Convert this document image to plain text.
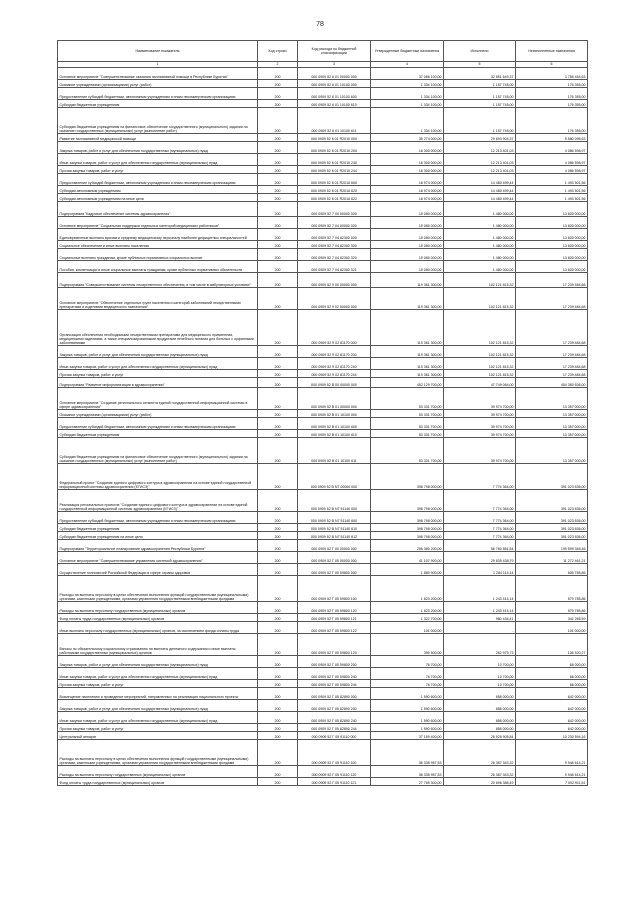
78
Наименование показателя	Код строки	Код расхода по бюджетной классификации	Утвержденные бюджетные назначения	Исполнено	Неисполненные назначения
1	2	3	4	5	6
Основное мероприятие "Совершенствование оказания паллиативной помощи в Республике Бурятия"	200	000 0909 52 6 01 00000 000	37 086 100,00	32 851 649,37	3 758 454,63
Оказание учреждениями (организациями) услуг (работ)	200	000 0909 52 6 01 10100 000	1 334 100,00	1 157 745,00	176 355,00
Предоставление субсидий бюджетным, автономным учреждениям и иным некоммерческим организациям	200	000 0909 52 6 01 10100 600	1 334 100,00	1 157 745,00	176 355,00
Субсидии бюджетным учреждениям	200	000 0909 52 6 01 10100 610	1 334 100,00	1 157 745,00	176 355,00
Субсидии бюджетным учреждениям на финансовое обеспечение государственного (муниципального) задания на оказание государственных (муниципальных) услуг (выполнение работ)	200	000 0909 52 6 01 10100 611	1 334 100,00	1 157 745,00	176 355,00
Развитие паллиативной медицинской помощи	200	000 0909 52 6 01 R2010 000	35 274 000,00	29 693 904,37	5 580 095,63
Закупка товаров, работ и услуг для обеспечения государственных (муниципальных) нужд	200	000 0909 52 6 01 R2010 200	16 300 000,00	12 213 401,03	4 086 598,97
Иные закупки товаров, работ и услуг для обеспечения государственных (муниципальных) нужд	200	000 0909 52 6 01 R2010 240	16 300 000,00	12 213 401,03	4 086 598,97
Прочая закупка товаров, работ и услуг	200	000 0909 52 6 01 R2010 244	16 300 000,00	12 213 401,03	4 086 598,97
Предоставление субсидий бюджетным, автономным учреждениям и иным некоммерческим организациям	200	000 0909 52 6 01 R2010 600	18 974 000,00	14 480 499,44	1 493 501,56
Субсидии автономным учреждениям	200	000 0909 52 6 01 R2010 620	18 974 000,00	14 480 499,44	1 493 501,56
Субсидии автономным учреждениям на иные цели	200	000 0909 52 6 01 R2010 622	18 974 000,00	14 480 499,44	1 493 501,56
Подпрограмма "Кадровое обеспечение системы здравоохранения"	200	000 0909 52 7 00 00000 000	15 080 000,00	1 480 000,00	13 600 000,00
Основное мероприятие "Социальная поддержка отдельных категорий медицинских работников"	200	000 0909 52 7 04 00000 000	15 080 000,00	1 480 000,00	13 600 000,00
Единовременные выплаты врачам и среднему медицинскому персоналу наиболее дефицитных специальностей	200	000 0909 52 7 04 82300 000	15 080 000,00	1 480 000,00	13 600 000,00
Социальное обеспечение и иные выплаты населению	200	000 0909 52 7 04 82300 300	15 080 000,00	1 480 000,00	13 600 000,00
Социальные выплаты гражданам, кроме публичных нормативных социальных выплат	200	000 0909 52 7 04 82300 320	15 080 000,00	1 480 000,00	13 600 000,00
Пособия, компенсации и иные социальные выплаты гражданам, кроме публичных нормативных обязательств	200	000 0909 52 7 04 82300 321	15 080 000,00	1 480 000,00	13 600 000,00
Подпрограмма "Совершенствование системы лекарственного обеспечения, в том числе в амбулаторных условиях"	200	000 0909 52 9 00 00000 000	119 361 300,00	102 121 815,32	17 239 484,68
Основное мероприятие "Обеспечение отдельных групп населения и категорий заболеваний лекарственными препаратами и изделиями медицинского назначения"	200	000 0909 52 9 02 00000 000	119 361 300,00	102 121 815,32	17 239 484,68
Организация обеспечения необходимыми лекарственными препаратами для медицинского применения, медицинскими изделиями, а также специализированными продуктами лечебного питания для больных с орфанными заболеваниями	200	000 0909 52 9 02 81170 000	119 361 300,00	102 121 815,32	17 239 484,68
Закупка товаров, работ и услуг для обеспечения государственных (муниципальных) нужд	200	000 0909 52 9 02 81170 200	119 361 300,00	102 121 815,32	17 239 484,68
Иные закупки товаров, работ и услуг для обеспечения государственных (муниципальных) нужд	200	000 0909 52 9 02 81170 240	119 361 300,00	102 121 815,32	17 239 484,68
Прочая закупка товаров, работ и услуг	200	000 0909 52 9 02 81170 244	119 361 300,00	102 121 815,32	17 239 484,68
Подпрограмма "Развитие информатизации в здравоохранении"	200	000 0909 52 В 00 00000 000	452 129 700,00	47 749 064,00	404 380 636,00
Основное мероприятие "Создание регионального сегмента единой государственной информационной системы в сфере здравоохранения"	200	000 0909 52 В 01 00000 000	53 331 700,00	39 974 700,00	13 357 000,00
Оказание учреждениями (организациями) услуг (работ)	200	000 0909 52 В 01 10100 000	53 331 700,00	39 974 700,00	13 357 000,00
Предоставление субсидий бюджетным, автономным учреждениям и иным некоммерческим организациям	200	000 0909 52 В 01 10100 600	53 331 700,00	39 974 700,00	13 357 000,00
Субсидии бюджетным учреждениям	200	000 0909 52 В 01 10100 610	53 331 700,00	39 974 700,00	13 357 000,00
Субсидии бюджетным учреждениям на финансовое обеспечение государственного (муниципального) задания на оказание государственных (муниципальных) услуг (выполнение работ)	200	000 0909 52 В 01 10100 611	53 331 700,00	39 974 700,00	13 357 000,00
Федеральный проект "Создание единого цифрового контура в здравоохранении на основе единой государственной информационной системы здравоохранения (ЕГИСЗ)"	200	000 0909 52 В N7 00000 000	398 798 000,00	7 774 364,00	391 023 636,00
Реализация региональных проектов "Создание единого цифрового контура в здравоохранении на основе единой государственной информационной системы здравоохранения (ЕГИСЗ)"	200	000 0909 52 В N7 51140 000	398 798 000,00	7 774 364,00	391 023 636,00
Предоставление субсидий бюджетным, автономным учреждениям и иным некоммерческим организациям	200	000 0909 52 В N7 51140 600	398 798 000,00	7 774 364,00	391 023 636,00
Субсидии бюджетным учреждениям	200	000 0909 52 В N7 51140 610	398 798 000,00	7 774 364,00	391 023 636,00
Субсидии бюджетным учреждениям на иные цели	200	000 0909 52 В N7 51140 612	398 798 000,00	7 774 364,00	391 023 636,00
Подпрограмма "Территориальное планирование здравоохранения Республики Бурятия"	200	000 0909 52 Г 00 00000 000	256 380 200,00	56 780 851,54	199 599 348,46
Основное мероприятие "Совершенствование управления системой здравоохранения"	200	000 0909 52 Г 05 00000 000	41 107 900,00	29 835 438,79	11 272 461,21
Осуществление полномочий Российской Федерации в сфере охраны здоровья	200	000 0909 52 Г 05 59800 000	1 889 900,00	1 284 114,14	605 785,86
Расходы на выплаты персоналу в целях обеспечения выполнения функций государственными (муниципальными) органами, казенными учреждениями, органами управления государственными внебюджетными фондами	200	000 0909 52 Г 05 59800 100	1 823 200,00	1 243 414,14	579 785,86
Расходы на выплаты персоналу государственных (муниципальных) органов	200	000 0909 52 Г 05 59800 120	1 823 200,00	1 243 414,14	579 785,86
Фонд оплаты труда государственных (муниципальных) органов	200	000 0909 52 Г 05 59800 121	1 322 700,00	980 434,41	342 265,59
Иные выплаты персоналу государственных (муниципальных) органов, за исключением фонда оплаты труда	200	000 0909 52 Г 05 59800 122	101 000,00	-	101 000,00
Взносы по обязательному социальному страхованию на выплаты денежного содержания и иные выплаты работникам государственных (муниципальных) органов	200	000 0909 52 Г 05 59800 129	399 500,00	262 979,73	136 520,27
Закупка товаров, работ и услуг для обеспечения государственных (муниципальных) нужд	200	000 0909 52 Г 05 59800 200	76 700,00	10 700,00	66 000,00
Иные закупки товаров, работ и услуг для обеспечения государственных (муниципальных) нужд	200	000 0909 52 Г 05 59800 240	76 700,00	10 700,00	66 000,00
Прочая закупка товаров, работ и услуг	200	000 0909 52 Г 05 59800 244	76 700,00	10 700,00	66 000,00
Возмещение населению и проведение мероприятий, направленных на реализацию национального проекта	200	000 0909 52 Г 05 82890 000	1 590 600,00	858 000,00	642 000,00
Закупка товаров, работ и услуг для обеспечения государственных (муниципальных) нужд	200	000 0909 52 Г 05 82890 200	1 590 600,00	858 000,00	642 000,00
Иные закупки товаров, работ и услуг для обеспечения государственных (муниципальных) нужд	200	000 0909 52 Г 05 82890 240	1 590 600,00	858 000,00	642 000,00
Прочая закупка товаров, работ и услуг	200	000 0909 52 Г 05 82890 244	1 590 600,00	858 000,00	642 000,00
Центральный аппарат	200	000 0909 52 Г 05 91110 000	37 159 400,00	26 928 905,84	10 230 594,16
Расходы на выплаты персоналу в целях обеспечения выполнения функций государственными (муниципальными) органами, казенными учреждениями, органами управления государственными внебюджетными фондами	200	000 0909 52 Г 05 91110 100	36 335 957,53	26 387 343,32	9 948 614,21
Расходы на выплаты персоналу государственных (муниципальных) органов	200	000 0909 52 Г 05 91110 120	36 335 957,53	26 387 343,32	9 948 614,21
Фонд оплаты труда государственных (муниципальных) органов	200	000 0909 52 Г 05 91110 121	27 789 300,00	20 696 388,49	7 092 911,51
